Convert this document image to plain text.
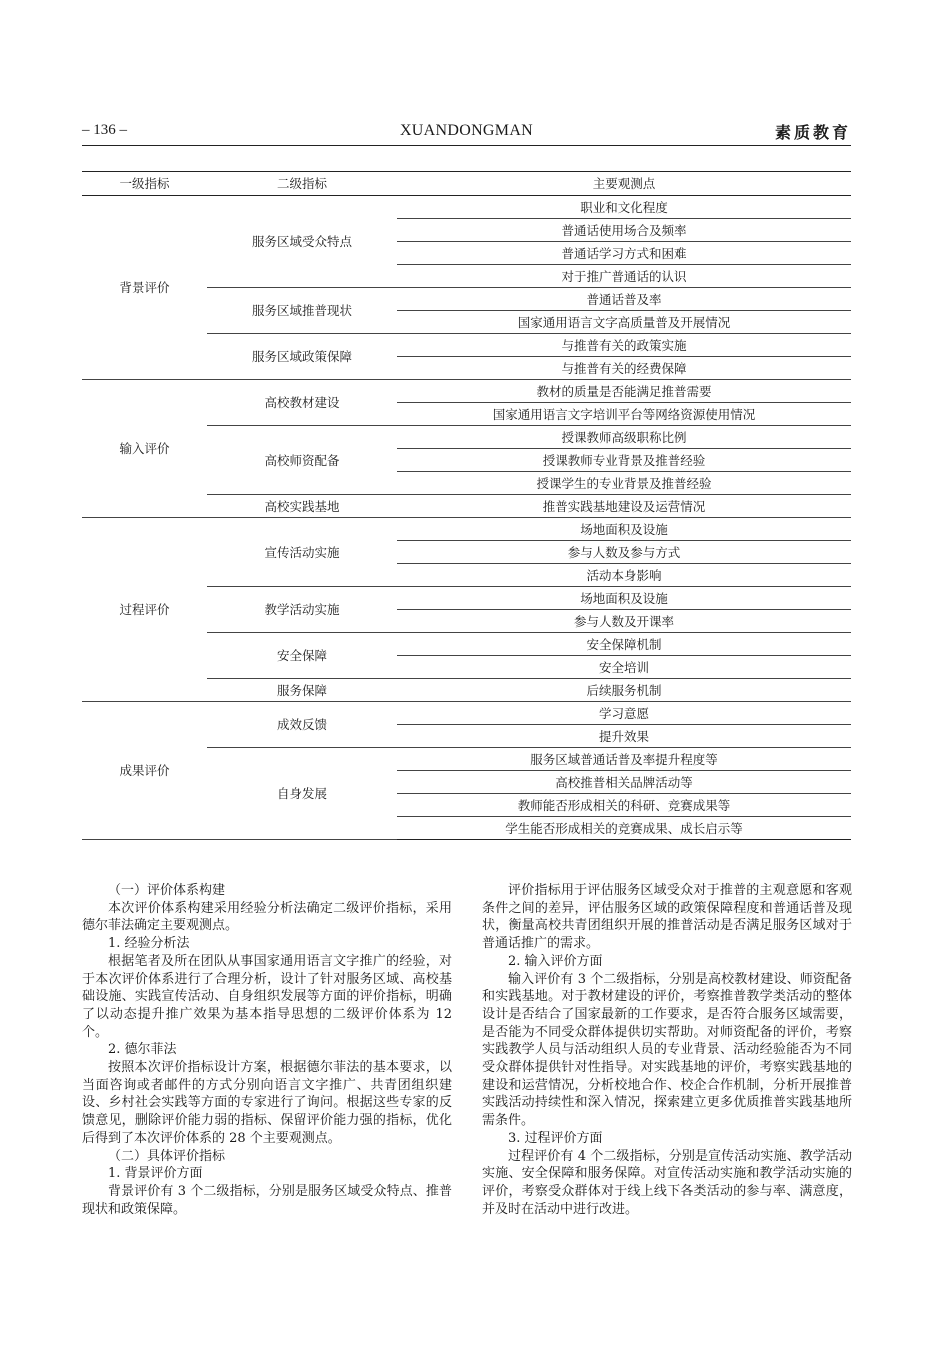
– 136 –	XUANDONGMAN	素质教育
一级指标	二级指标	主要观测点
背景评价	服务区域受众特点	职业和文化程度
		普通话使用场合及频率
		普通话学习方式和困难
		对于推广普通话的认识
	服务区域推普现状	普通话普及率
		国家通用语言文字高质量普及开展情况
	服务区域政策保障	与推普有关的政策实施
		与推普有关的经费保障
输入评价	高校教材建设	教材的质量是否能满足推普需要
		国家通用语言文字培训平台等网络资源使用情况
	高校师资配备	授课教师高级职称比例
		授课教师专业背景及推普经验
		授课学生的专业背景及推普经验
	高校实践基地	推普实践基地建设及运营情况
过程评价	宣传活动实施	场地面积及设施
		参与人数及参与方式
		活动本身影响
	教学活动实施	场地面积及设施
		参与人数及开课率
	安全保障	安全保障机制
		安全培训
	服务保障	后续服务机制
成果评价	成效反馈	学习意愿
		提升效果
	自身发展	服务区域普通话普及率提升程度等
		高校推普相关品牌活动等
		教师能否形成相关的科研、竞赛成果等
		学生能否形成相关的竞赛成果、成长启示等

（一）评价体系构建

本次评价体系构建采用经验分析法确定二级评价指标，采用德尔菲法确定主要观测点。

1. 经验分析法

根据笔者及所在团队从事国家通用语言文字推广的经验，对于本次评价体系进行了合理分析，设计了针对服务区域、高校基础设施、实践宣传活动、自身组织发展等方面的评价指标，明确了以动态提升推广效果为基本指导思想的二级评价体系为 12 个。

2. 德尔菲法

按照本次评价指标设计方案，根据德尔菲法的基本要求，以当面咨询或者邮件的方式分别向语言文字推广、共青团组织建设、乡村社会实践等方面的专家进行了询问。根据这些专家的反馈意见，删除评价能力弱的指标、保留评价能力强的指标，优化后得到了本次评价体系的 28 个主要观测点。

（二）具体评价指标

1. 背景评价方面

背景评价有 3 个二级指标，分别是服务区域受众特点、推普现状和政策保障。

评价指标用于评估服务区域受众对于推普的主观意愿和客观条件之间的差异，评估服务区域的政策保障程度和普通话普及现状，衡量高校共青团组织开展的推普活动是否满足服务区域对于普通话推广的需求。

2. 输入评价方面

输入评价有 3 个二级指标，分别是高校教材建设、师资配备和实践基地。对于教材建设的评价，考察推普教学类活动的整体设计是否结合了国家最新的工作要求，是否符合服务区域需要，是否能为不同受众群体提供切实帮助。对师资配备的评价，考察实践教学人员与活动组织人员的专业背景、活动经验能否为不同受众群体提供针对性指导。对实践基地的评价，考察实践基地的建设和运营情况，分析校地合作、校企合作机制，分析开展推普实践活动持续性和深入情况，探索建立更多优质推普实践基地所需条件。

3. 过程评价方面

过程评价有 4 个二级指标，分别是宣传活动实施、教学活动实施、安全保障和服务保障。对宣传活动实施和教学活动实施的评价，考察受众群体对于线上线下各类活动的参与率、满意度，并及时在活动中进行改进。
